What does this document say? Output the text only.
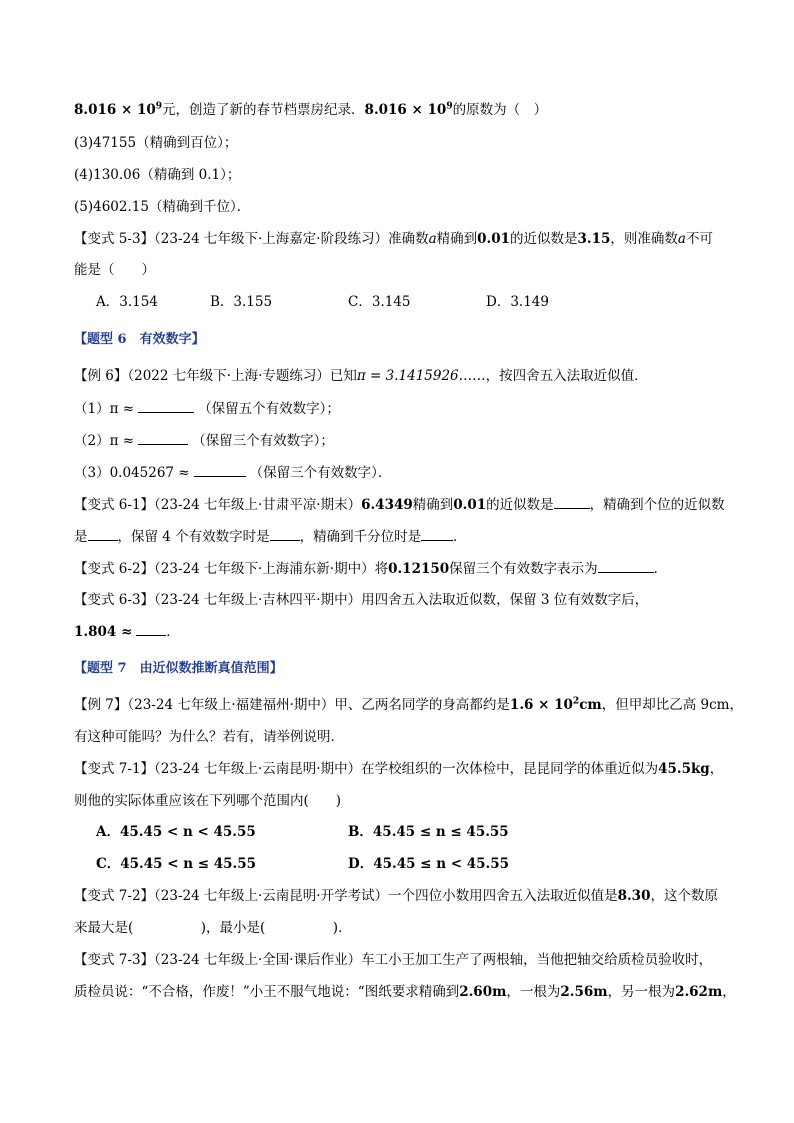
$8.016 \times 10^9$元，创造了新的春节档票房纪录．$8.016 \times 10^9$的原数为（　）
(3)47155（精确到百位）；
(4)130.06（精确到 0.1）；
(5)4602.15（精确到千位）．
【变式 5-3】（23-24 七年级下·上海嘉定·阶段练习）准确数a精确到0.01的近似数是3.15，则准确数a不可
能是（　　）
A．3.154	B．3.155	C．3.145	D．3.149
【题型 6　有效数字】
【例 6】（2022 七年级下·上海·专题练习）已知π = 3.1415926……，按四舍五入法取近似值．
（1）π ≈	（保留五个有效数字）；
（2）π ≈	（保留三个有效数字）；
（3）0.045267 ≈	（保留三个有效数字）．
【变式 6-1】（23-24 七年级上·甘肃平凉·期末）6.4349精确到0.01的近似数是	，精确到个位的近似数
是 ，保留 4 个有效数字时是 ，精确到千分位时是 ．
【变式 6-2】（23-24 七年级下·上海浦东新·期中）将0.12150保留三个有效数字表示为	．
【变式 6-3】（23-24 七年级上·吉林四平·期中）用四舍五入法取近似数，保留 3 位有效数字后，
1.804 ≈	．
【题型 7　由近似数推断真值范围】
【例 7】（23-24 七年级上·福建福州·期中）甲、乙两名同学的身高都约是$1.6 \times 10^2cm$，但甲却比乙高 9cm，
有这种可能吗？为什么？若有，请举例说明．
【变式 7-1】（23-24 七年级上·云南昆明·期中）在学校组织的一次体检中，昆昆同学的体重近似为45.5kg，
则他的实际体重应该在下列哪个范围内(　　)
A．45.45 < n < 45.55	B．45.45 ≤ n ≤ 45.55
C．45.45 < n ≤ 45.55	D．45.45 ≤ n < 45.55
【变式 7-2】（23-24 七年级上·云南昆明·开学考试）一个四位小数用四舍五入法取近似值是8.30，这个数原
来最大是(　　　　　)，最小是(　　　　　)．
【变式 7-3】（23-24 七年级上·全国·课后作业）车工小王加工生产了两根轴，当他把轴交给质检员验收时，
质检员说：“不合格，作废！”小王不服气地说：“图纸要求精确到2.60m，一根为2.56m，另一根为2.62m，
